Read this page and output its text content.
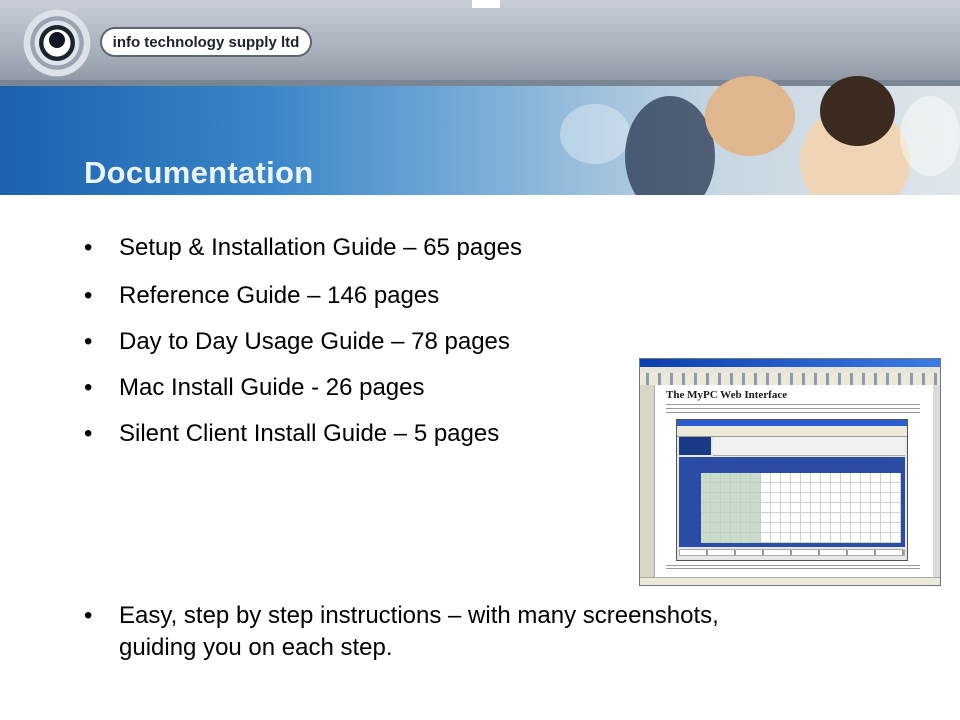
info technology supply ltd
Documentation
• Setup & Installation Guide – 65 pages
• Reference Guide – 146 pages
• Day to Day Usage Guide – 78 pages
• Mac Install Guide - 26 pages
• Silent Client Install Guide – 5 pages
• Easy, step by step instructions – with many screenshots, guiding you on each step.
The MyPC Web Interface
